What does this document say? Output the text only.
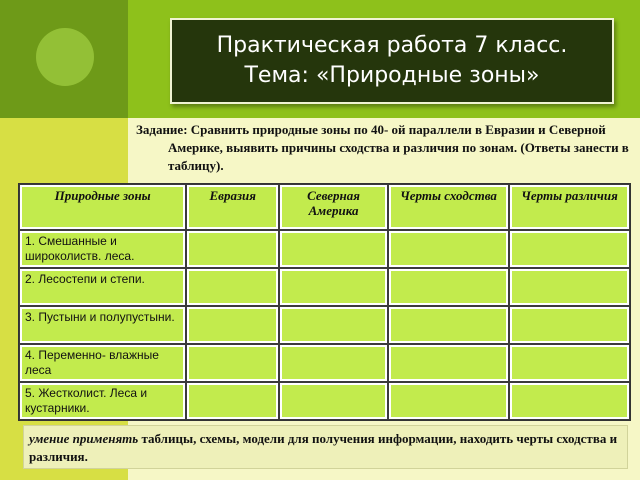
Практическая работа 7 класс.
Тема: «Природные зоны»
Задание: Сравнить природные зоны по 40- ой параллели в Евразии и Северной Америке, выявить причины сходства и различия по зонам. (Ответы занести в таблицу).
Природные зоны	Евразия	Северная Америка	Черты сходства	Черты различия
1. Смешанные и широколиств. леса.				
2. Лесостепи и степи.				
3. Пустыни и полупустыни.				
4. Переменно- влажные леса				
5. Жестколист. Леса и кустарники.				
умение применять таблицы, схемы, модели для получения информации, находить черты сходства и различия.
